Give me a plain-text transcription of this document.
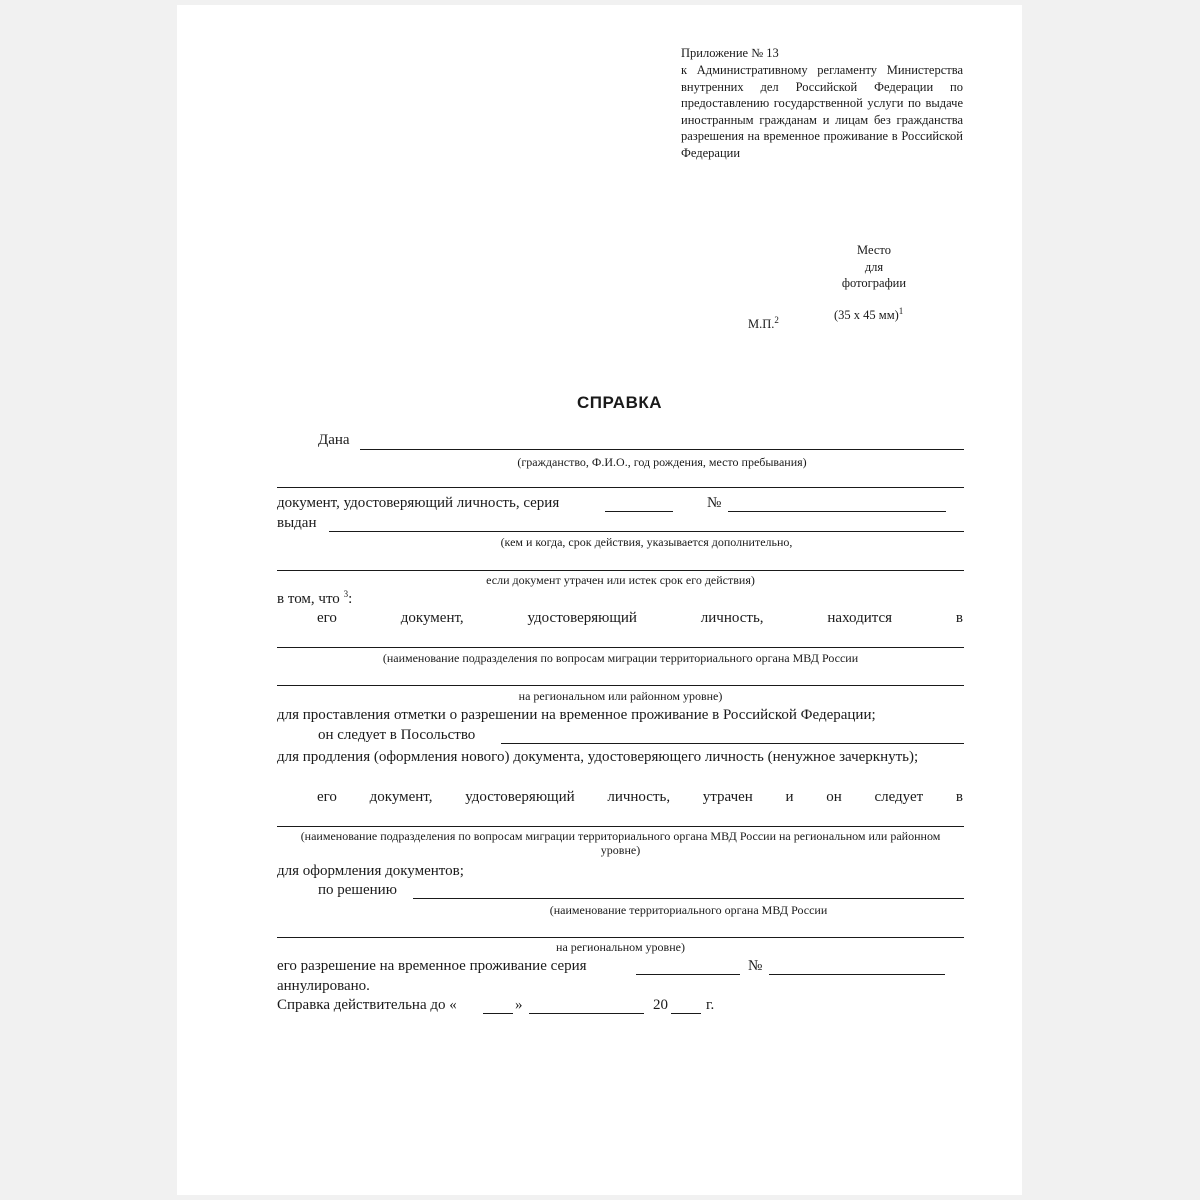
Приложение № 13
к Административному регламенту Министерства внутренних дел Российской Федерации по предоставлению государственной услуги по выдаче иностранным гражданам и лицам без гражданства разрешения на временное проживание в Российской Федерации
Место
для
фотографии
(35 х 45 мм)$^1$
М.П.$^2$
СПРАВКА
Дана
(гражданство, Ф.И.О., год рождения, место пребывания)
документ, удостоверяющий личность, серия	№
выдан
(кем и когда, срок действия, указывается дополнительно,
если документ утрачен или истек срок его действия)
в том, что $^3$:
его	документ,	удостоверяющий	личность,	находится	в
(наименование подразделения по вопросам миграции территориального органа МВД России
на региональном или районном уровне)
для проставления отметки о разрешении на временное проживание в Российской Федерации;
он следует в Посольство
для продления (оформления нового) документа, удостоверяющего личность (ненужное зачеркнуть);
его документ, удостоверяющий личность, утрачен и он следует в
(наименование подразделения по вопросам миграции территориального органа МВД России на региональном или районном уровне)
для оформления документов;
по решению
(наименование территориального органа МВД России
на региональном уровне)
его разрешение на временное проживание серия	№
аннулировано.
Справка действительна до «	»	20	г.
